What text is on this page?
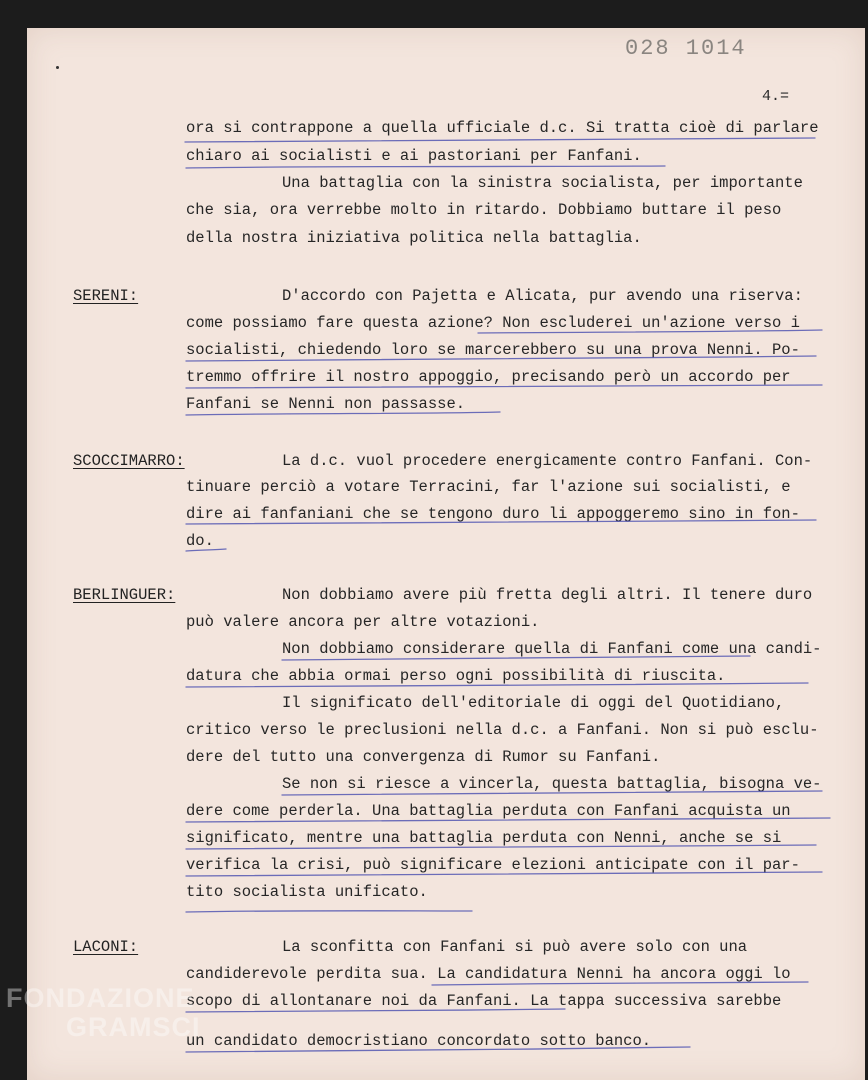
028 1014
4.=
ora si contrappone a quella ufficiale d.c. Si tratta cioè di parlare
chiaro ai socialisti e ai pastoriani per Fanfani.
Una battaglia con la sinistra socialista, per importante
che sia, ora verrebbe molto in ritardo. Dobbiamo buttare il peso
della nostra iniziativa politica nella battaglia.
SERENI:	D'accordo con Pajetta e Alicata, pur avendo una riserva:
come possiamo fare questa azione? Non escluderei un'azione verso i
socialisti, chiedendo loro se marcerebbero su una prova Nenni. Po-
tremmo offrire il nostro appoggio, precisando però un accordo per
Fanfani se Nenni non passasse.
SCOCCIMARRO:	La d.c. vuol procedere energicamente contro Fanfani. Con-
tinuare perciò a votare Terracini, far l'azione sui socialisti, e
dire ai fanfaniani che se tengono duro li appoggeremo sino in fon-
do.
BERLINGUER:	Non dobbiamo avere più fretta degli altri. Il tenere duro
può valere ancora per altre votazioni.
Non dobbiamo considerare quella di Fanfani come una candi-
datura che abbia ormai perso ogni possibilità di riuscita.
Il significato dell'editoriale di oggi del Quotidiano,
critico verso le preclusioni nella d.c. a Fanfani. Non si può esclu-
dere del tutto una convergenza di Rumor su Fanfani.
Se non si riesce a vincerla, questa battaglia, bisogna ve-
dere come perderla. Una battaglia perduta con Fanfani acquista un
significato, mentre una battaglia perduta con Nenni, anche se si
verifica la crisi, può significare elezioni anticipate con il par-
tito socialista unificato.
LACONI:	La sconfitta con Fanfani si può avere solo con una
candiderevole perdita sua. La candidatura Nenni ha ancora oggi lo
scopo di allontanare noi da Fanfani. La tappa successiva sarebbe
un candidato democristiano concordato sotto banco.
FONDAZIONE
GRAMSCI
